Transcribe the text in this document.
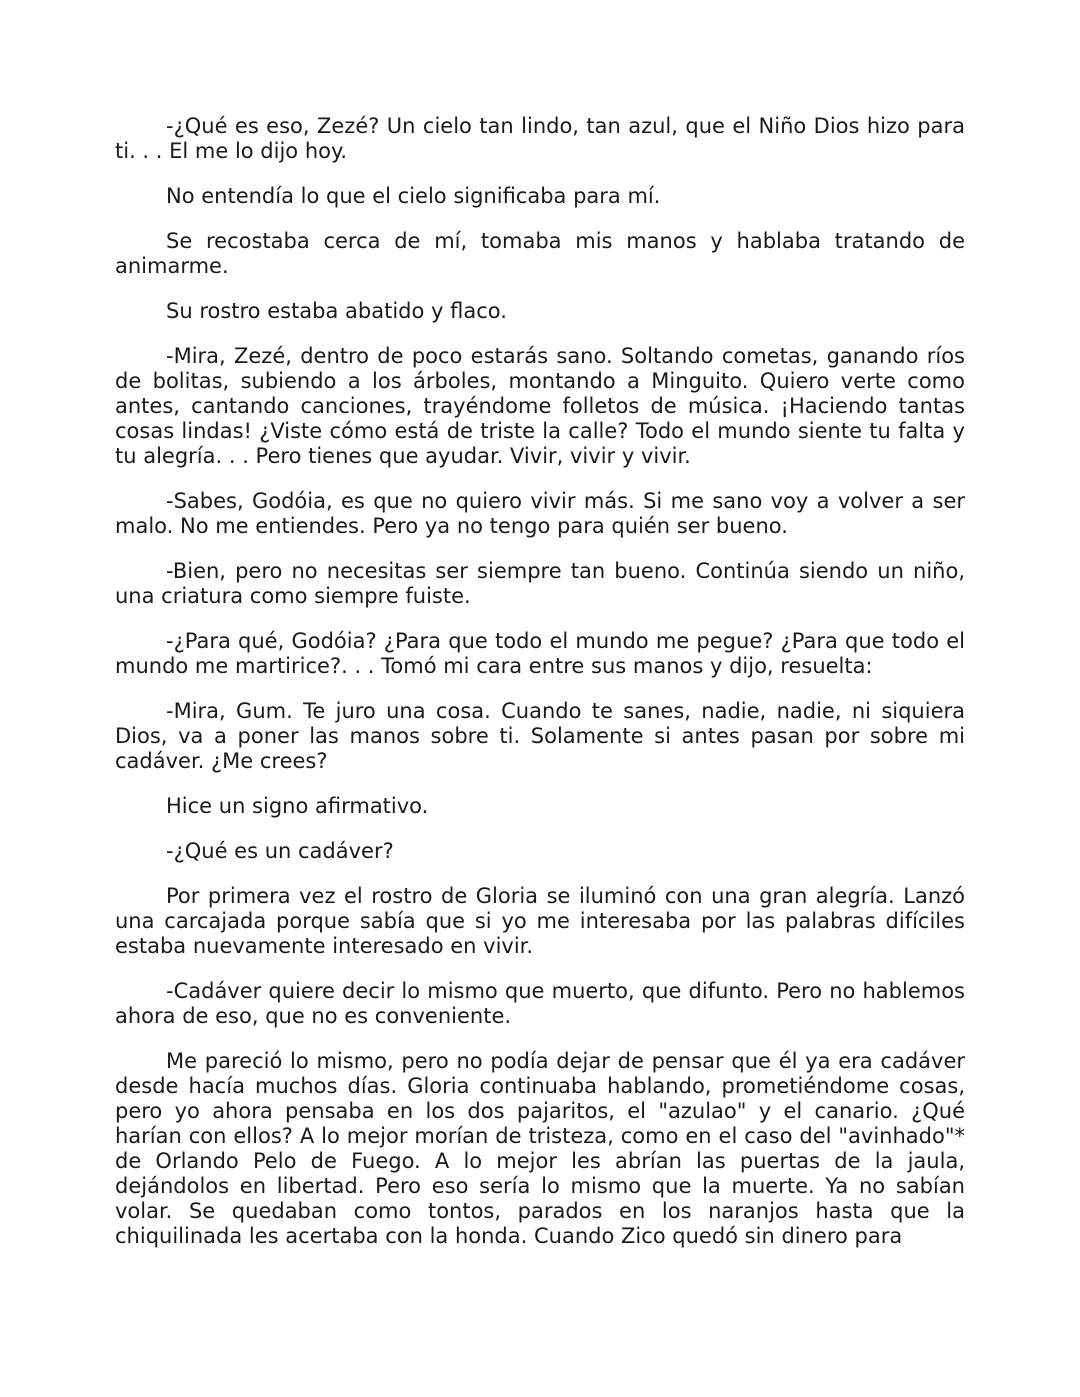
-¿Qué es eso, Zezé? Un cielo tan lindo, tan azul, que el Niño Dios hizo para ti. . . El me lo dijo hoy.

No entendía lo que el cielo significaba para mí.

Se recostaba cerca de mí, tomaba mis manos y hablaba tratando de animarme.

Su rostro estaba abatido y flaco.

-Mira, Zezé, dentro de poco estarás sano. Soltando cometas, ganando ríos de bolitas, subiendo a los árboles, montando a Minguito. Quiero verte como antes, cantando canciones, trayéndome folletos de música. ¡Haciendo tantas cosas lindas! ¿Viste cómo está de triste la calle? Todo el mundo siente tu falta y tu alegría. . . Pero tienes que ayudar. Vivir, vivir y vivir.

-Sabes, Godóia, es que no quiero vivir más. Si me sano voy a volver a ser malo. No me entiendes. Pero ya no tengo para quién ser bueno.

-Bien, pero no necesitas ser siempre tan bueno. Continúa siendo un niño, una criatura como siempre fuiste.

-¿Para qué, Godóia? ¿Para que todo el mundo me pegue? ¿Para que todo el mundo me martirice?. . . Tomó mi cara entre sus manos y dijo, resuelta:

-Mira, Gum. Te juro una cosa. Cuando te sanes, nadie, nadie, ni siquiera Dios, va a poner las manos sobre ti. Solamente si antes pasan por sobre mi cadáver. ¿Me crees?

Hice un signo afirmativo.

-¿Qué es un cadáver?

Por primera vez el rostro de Gloria se iluminó con una gran alegría. Lanzó una carcajada porque sabía que si yo me interesaba por las palabras difíciles estaba nuevamente interesado en vivir.

-Cadáver quiere decir lo mismo que muerto, que difunto. Pero no hablemos ahora de eso, que no es conveniente.

Me pareció lo mismo, pero no podía dejar de pensar que él ya era cadáver desde hacía muchos días. Gloria continuaba hablando, prometiéndome cosas, pero yo ahora pensaba en los dos pajaritos, el "azulao" y el canario. ¿Qué harían con ellos? A lo mejor morían de tristeza, como en el caso del "avinhado"* de Orlando Pelo de Fuego. A lo mejor les abrían las puertas de la jaula, dejándolos en libertad. Pero eso sería lo mismo que la muerte. Ya no sabían volar. Se quedaban como tontos, parados en los naranjos hasta que la chiquilinada les acertaba con la honda. Cuando Zico quedó sin dinero para
